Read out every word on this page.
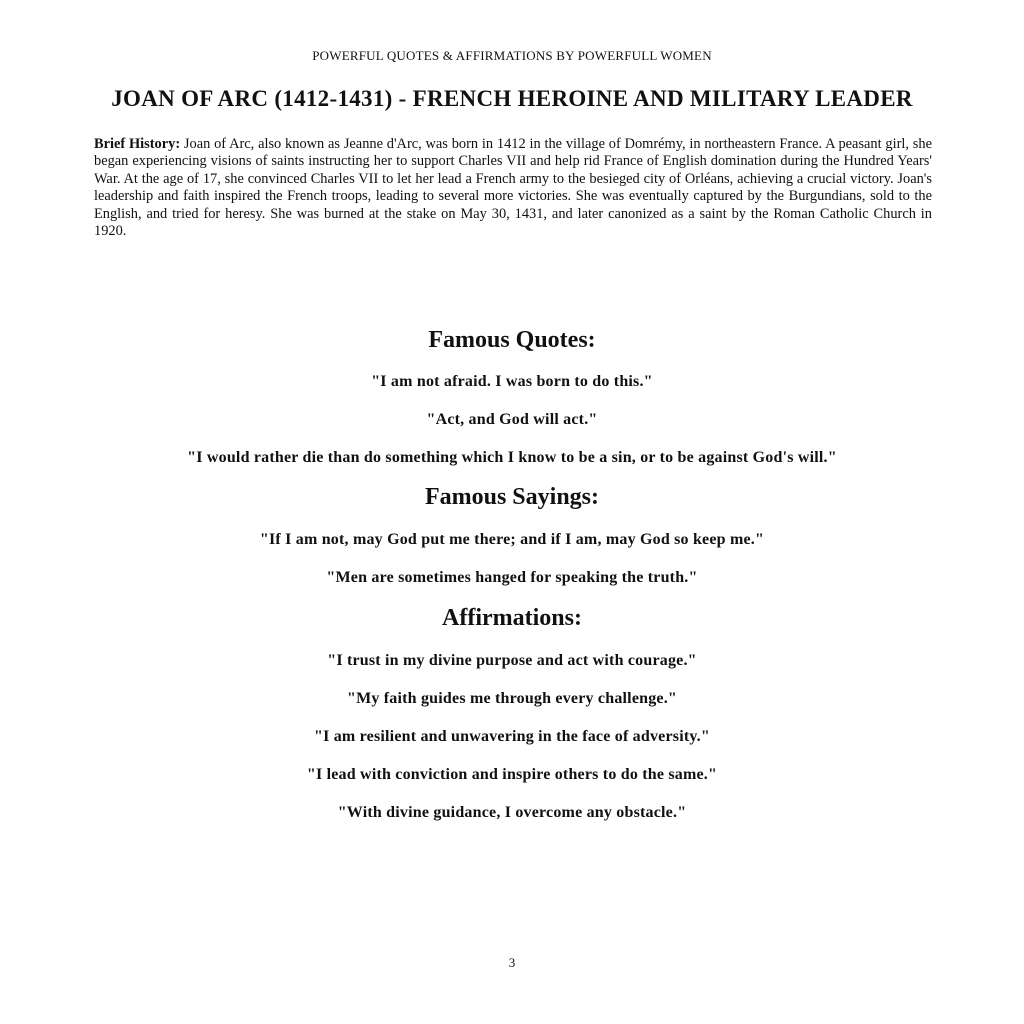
POWERFUL QUOTES & AFFIRMATIONS BY POWERFULL WOMEN
JOAN OF ARC (1412-1431) - FRENCH HEROINE AND MILITARY LEADER

Brief History: Joan of Arc, also known as Jeanne d'Arc, was born in 1412 in the village of Domrémy, in northeastern France. A peasant girl, she began experiencing visions of saints instructing her to support Charles VII and help rid France of English domination during the Hundred Years' War. At the age of 17, she convinced Charles VII to let her lead a French army to the besieged city of Orléans, achieving a crucial victory. Joan's leadership and faith inspired the French troops, leading to several more victories. She was eventually captured by the Burgundians, sold to the English, and tried for heresy. She was burned at the stake on May 30, 1431, and later canonized as a saint by the Roman Catholic Church in 1920.

Famous Quotes:

"I am not afraid. I was born to do this."

"Act, and God will act."

"I would rather die than do something which I know to be a sin, or to be against God's will."

Famous Sayings:

"If I am not, may God put me there; and if I am, may God so keep me."

"Men are sometimes hanged for speaking the truth."

Affirmations:

"I trust in my divine purpose and act with courage."

"My faith guides me through every challenge."

"I am resilient and unwavering in the face of adversity."

"I lead with conviction and inspire others to do the same."

"With divine guidance, I overcome any obstacle."

3
